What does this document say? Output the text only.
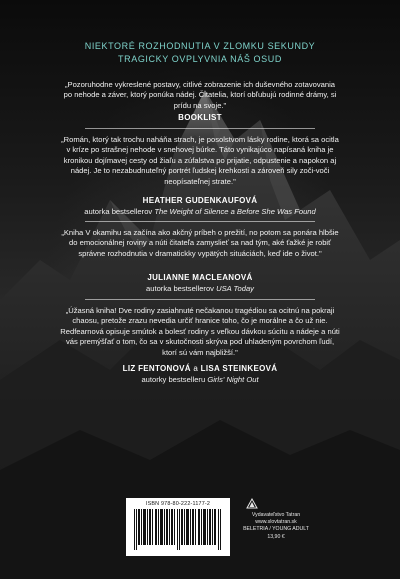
NIEKTORÉ ROZHODNUTIA V ZLOMKU SEKUNDY
TRAGICKY OVPLYVNIA NÁŠ OSUD
„Pozoruhodne vykreslené postavy, citlivé zobrazenie ich duševného zotavovania po nehode a záver, ktorý ponúka nádej. Čitatelia, ktorí obľubujú rodinné drámy, si prídu na svoje."
BOOKLIST
„Román, ktorý tak trochu naháňa strach, je posolstvom lásky rodine, ktorá sa ocitla v kríze po strašnej nehode v snehovej búrke. Táto vynikajúco napísaná kniha je kronikou dojímavej cesty od žiaľu a zúfalstva po prijatie, odpustenie a napokon aj nádej. Je to nezabudnuteľný portrét ľudskej krehkosti a zároveň sily zoči-voči neopísateľnej strate."
HEATHER GUDENKAUFOVÁ
autorka bestsellerov The Weight of Silence a Before She Was Found
„Kniha V okamihu sa začína ako akčný príbeh o prežití, no potom sa ponára hlbšie do emocionálnej roviny a núti čitateľa zamyslieť sa nad tým, aké ťažké je robiť správne rozhodnutia v dramatickky vypätých situáciách, keď ide o život."
JULIANNE MACLEANOVÁ
autorka bestsellerov USA Today
„Úžasná kniha! Dve rodiny zasiahnuté nečakanou tragédiou sa ocitnú na pokraji chaosu, pretože zrazu nevedia určiť hranice toho, čo je morálne a čo už nie. Redfearnová opisuje smútok a bolesť rodiny s veľkou dávkou súcitu a nádeje a núti vás premýšľať o tom, čo sa v skutočnosti skrýva pod uhladeným povrchom ľudí, ktorí sú vám najbližší."
LIZ FENTONOVÁ a LISA STEINKEOVÁ
autorky bestselleru Girls' Night Out
ISBN 978-80-222-1177-2
Vydavateľstvo Tatran
www.slovtatran.sk
BELETRIA / YOUNG ADULT
13,90 €
